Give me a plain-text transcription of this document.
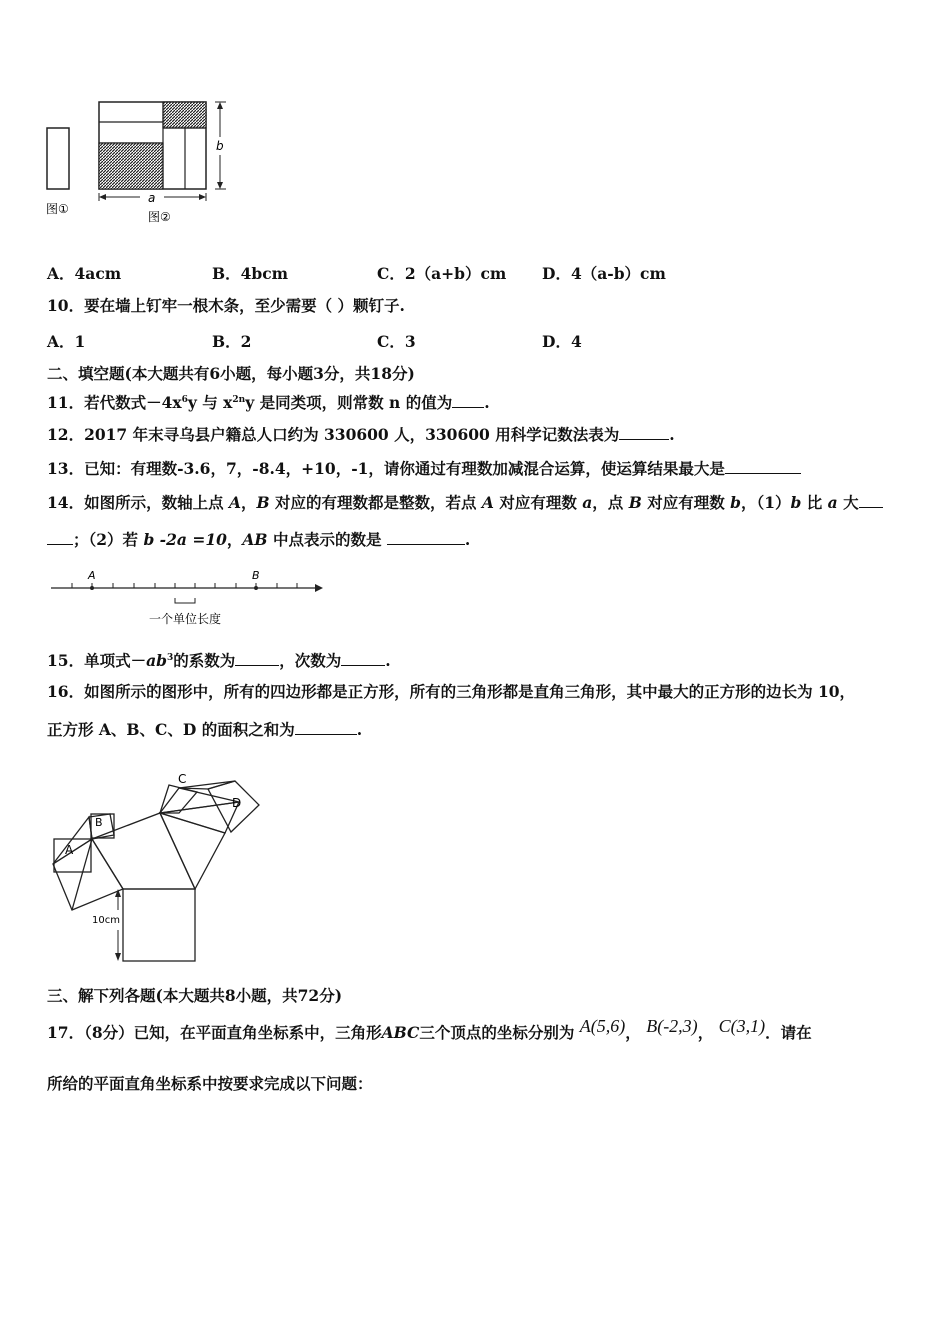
b
a
图①
图②
A．4acm	B．4bcm	C．2（a+b）cm D．4（a-b）cm
10．要在墙上钉牢一根木条，至少需要（ ）颗钉子.
A．1	B．2	C．3	D．4
二、填空题(本大题共有6小题，每小题3分，共18分)
11．若代数式$-4x^6y$ 与 $x^{2n}y$ 是同类项，则常数 n 的值为 .
12．2017 年末寻乌县户籍总人口约为 330600 人，330600 用科学记数法表为	.
13．已知：有理数-3.6，7，-8.4，+10，-1，请你通过有理数加减混合运算，使运算结果最大是
14．如图所示，数轴上点 A，B 对应的有理数都是整数，若点 A 对应有理数 a，点 B 对应有理数 b，（1）b 比 a 大
；（2）若 b -2a =10，AB 中点表示的数是	.
A	B
一个单位长度
15．单项式$-ab^3$的系数为	，次数为	.
16．如图所示的图形中，所有的四边形都是正方形，所有的三角形都是直角三角形，其中最大的正方形的边长为 10，
正方形 A、B、C、D 的面积之和为	.
A
B
C
D
10cm
三、解下列各题(本大题共8小题，共72分)
17．（8分）已知，在平面直角坐标系中，三角形ABC三个顶点的坐标分别为 A(5,6)， B(-2,3)， C(3,1)．请在
所给的平面直角坐标系中按要求完成以下问题：
